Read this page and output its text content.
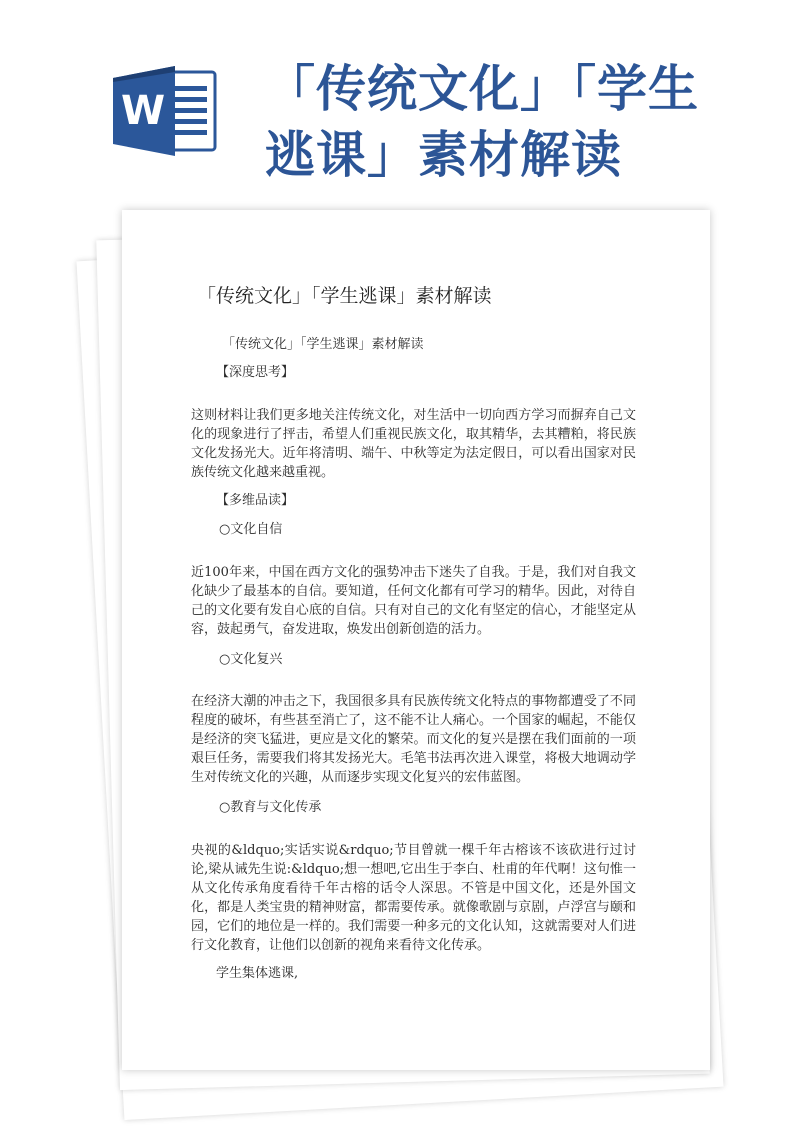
W 「传统文化」「学生逃课」素材解读
「传统文化」「学生逃课」素材解读
「传统文化」「学生逃课」素材解读
【深度思考】

这则材料让我们更多地关注传统文化，对生活中一切向西方学习而摒弃自己文化的现象进行了抨击，希望人们重视民族文化，取其精华，去其糟粕，将民族文化发扬光大。近年将清明、端午、中秋等定为法定假日，可以看出国家对民族传统文化越来越重视。

【多维品读】
○文化自信

近100年来，中国在西方文化的强势冲击下迷失了自我。于是，我们对自我文化缺少了最基本的自信。要知道，任何文化都有可学习的精华。因此，对待自己的文化要有发自心底的自信。只有对自己的文化有坚定的信心，才能坚定从容，鼓起勇气，奋发进取，焕发出创新创造的活力。

○文化复兴

在经济大潮的冲击之下，我国很多具有民族传统文化特点的事物都遭受了不同程度的破坏，有些甚至消亡了，这不能不让人痛心。一个国家的崛起，不能仅是经济的突飞猛进，更应是文化的繁荣。而文化的复兴是摆在我们面前的一项艰巨任务，需要我们将其发扬光大。毛笔书法再次进入课堂，将极大地调动学生对传统文化的兴趣，从而逐步实现文化复兴的宏伟蓝图。

○教育与文化传承

央视的&ldquo;实话实说&rdquo;节目曾就一棵千年古榕该不该砍进行过讨论,梁从诫先生说:&ldquo;想一想吧,它出生于李白、杜甫的年代啊！这句惟一从文化传承角度看待千年古榕的话令人深思。不管是中国文化，还是外国文化，都是人类宝贵的精神财富，都需要传承。就像歌剧与京剧，卢浮宫与颐和园，它们的地位是一样的。我们需要一种多元的文化认知，这就需要对人们进行文化教育，让他们以创新的视角来看待文化传承。

学生集体逃课,
